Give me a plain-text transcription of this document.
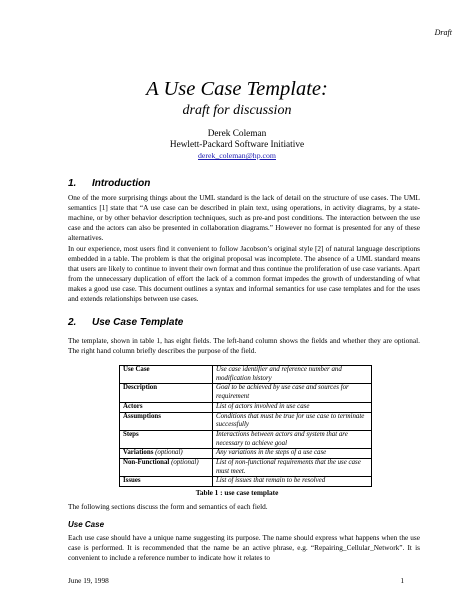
Draft
A Use Case Template:
draft for discussion
Derek Coleman
Hewlett-Packard Software Initiative
derek_coleman@hp.com
1. Introduction
One of the more surprising things about the UML standard is the lack of detail on the structure of use cases. The UML semantics [1] state that “A use case can be described in plain text, using operations, in activity diagrams, by a state-machine, or by other behavior description techniques, such as pre-and post conditions. The interaction between the use case and the actors can also be presented in collaboration diagrams.” However no format is presented for any of these alternatives.
In our experience, most users find it convenient to follow Jacobson’s original style [2] of natural language descriptions embedded in a table. The problem is that the original proposal was incomplete. The absence of a UML standard means that users are likely to continue to invent their own format and thus continue the proliferation of use case variants. Apart from the unnecessary duplication of effort the lack of a common format impedes the growth of understanding of what makes a good use case. This document outlines a syntax and informal semantics for use case templates and for the uses and extends relationships between use cases.
2. Use Case Template
The template, shown in table 1, has eight fields. The left-hand column shows the fields and whether they are optional. The right hand column briefly describes the purpose of the field.
Use Case	Use case identifier and reference number and modification history
Description	Goal to be achieved by use case and sources for requirement
Actors	List of actors involved in use case
Assumptions	Conditions that must be true for use case to terminate successfully
Steps	Interactions between actors and system that are necessary to achieve goal
Variations (optional)	Any variations in the steps of a use case
Non-Functional (optional)	List of non-functional requirements that the use case must meet.
Issues	List of issues that remain to be resolved
Table 1 : use case template
The following sections discuss the form and semantics of each field.
Use Case
Each use case should have a unique name suggesting its purpose. The name should express what happens when the use case is performed. It is recommended that the name be an active phrase, e.g. “Repairing_Cellular_Network”. It is convenient to include a reference number to indicate how it relates to
June 19, 1998	1
